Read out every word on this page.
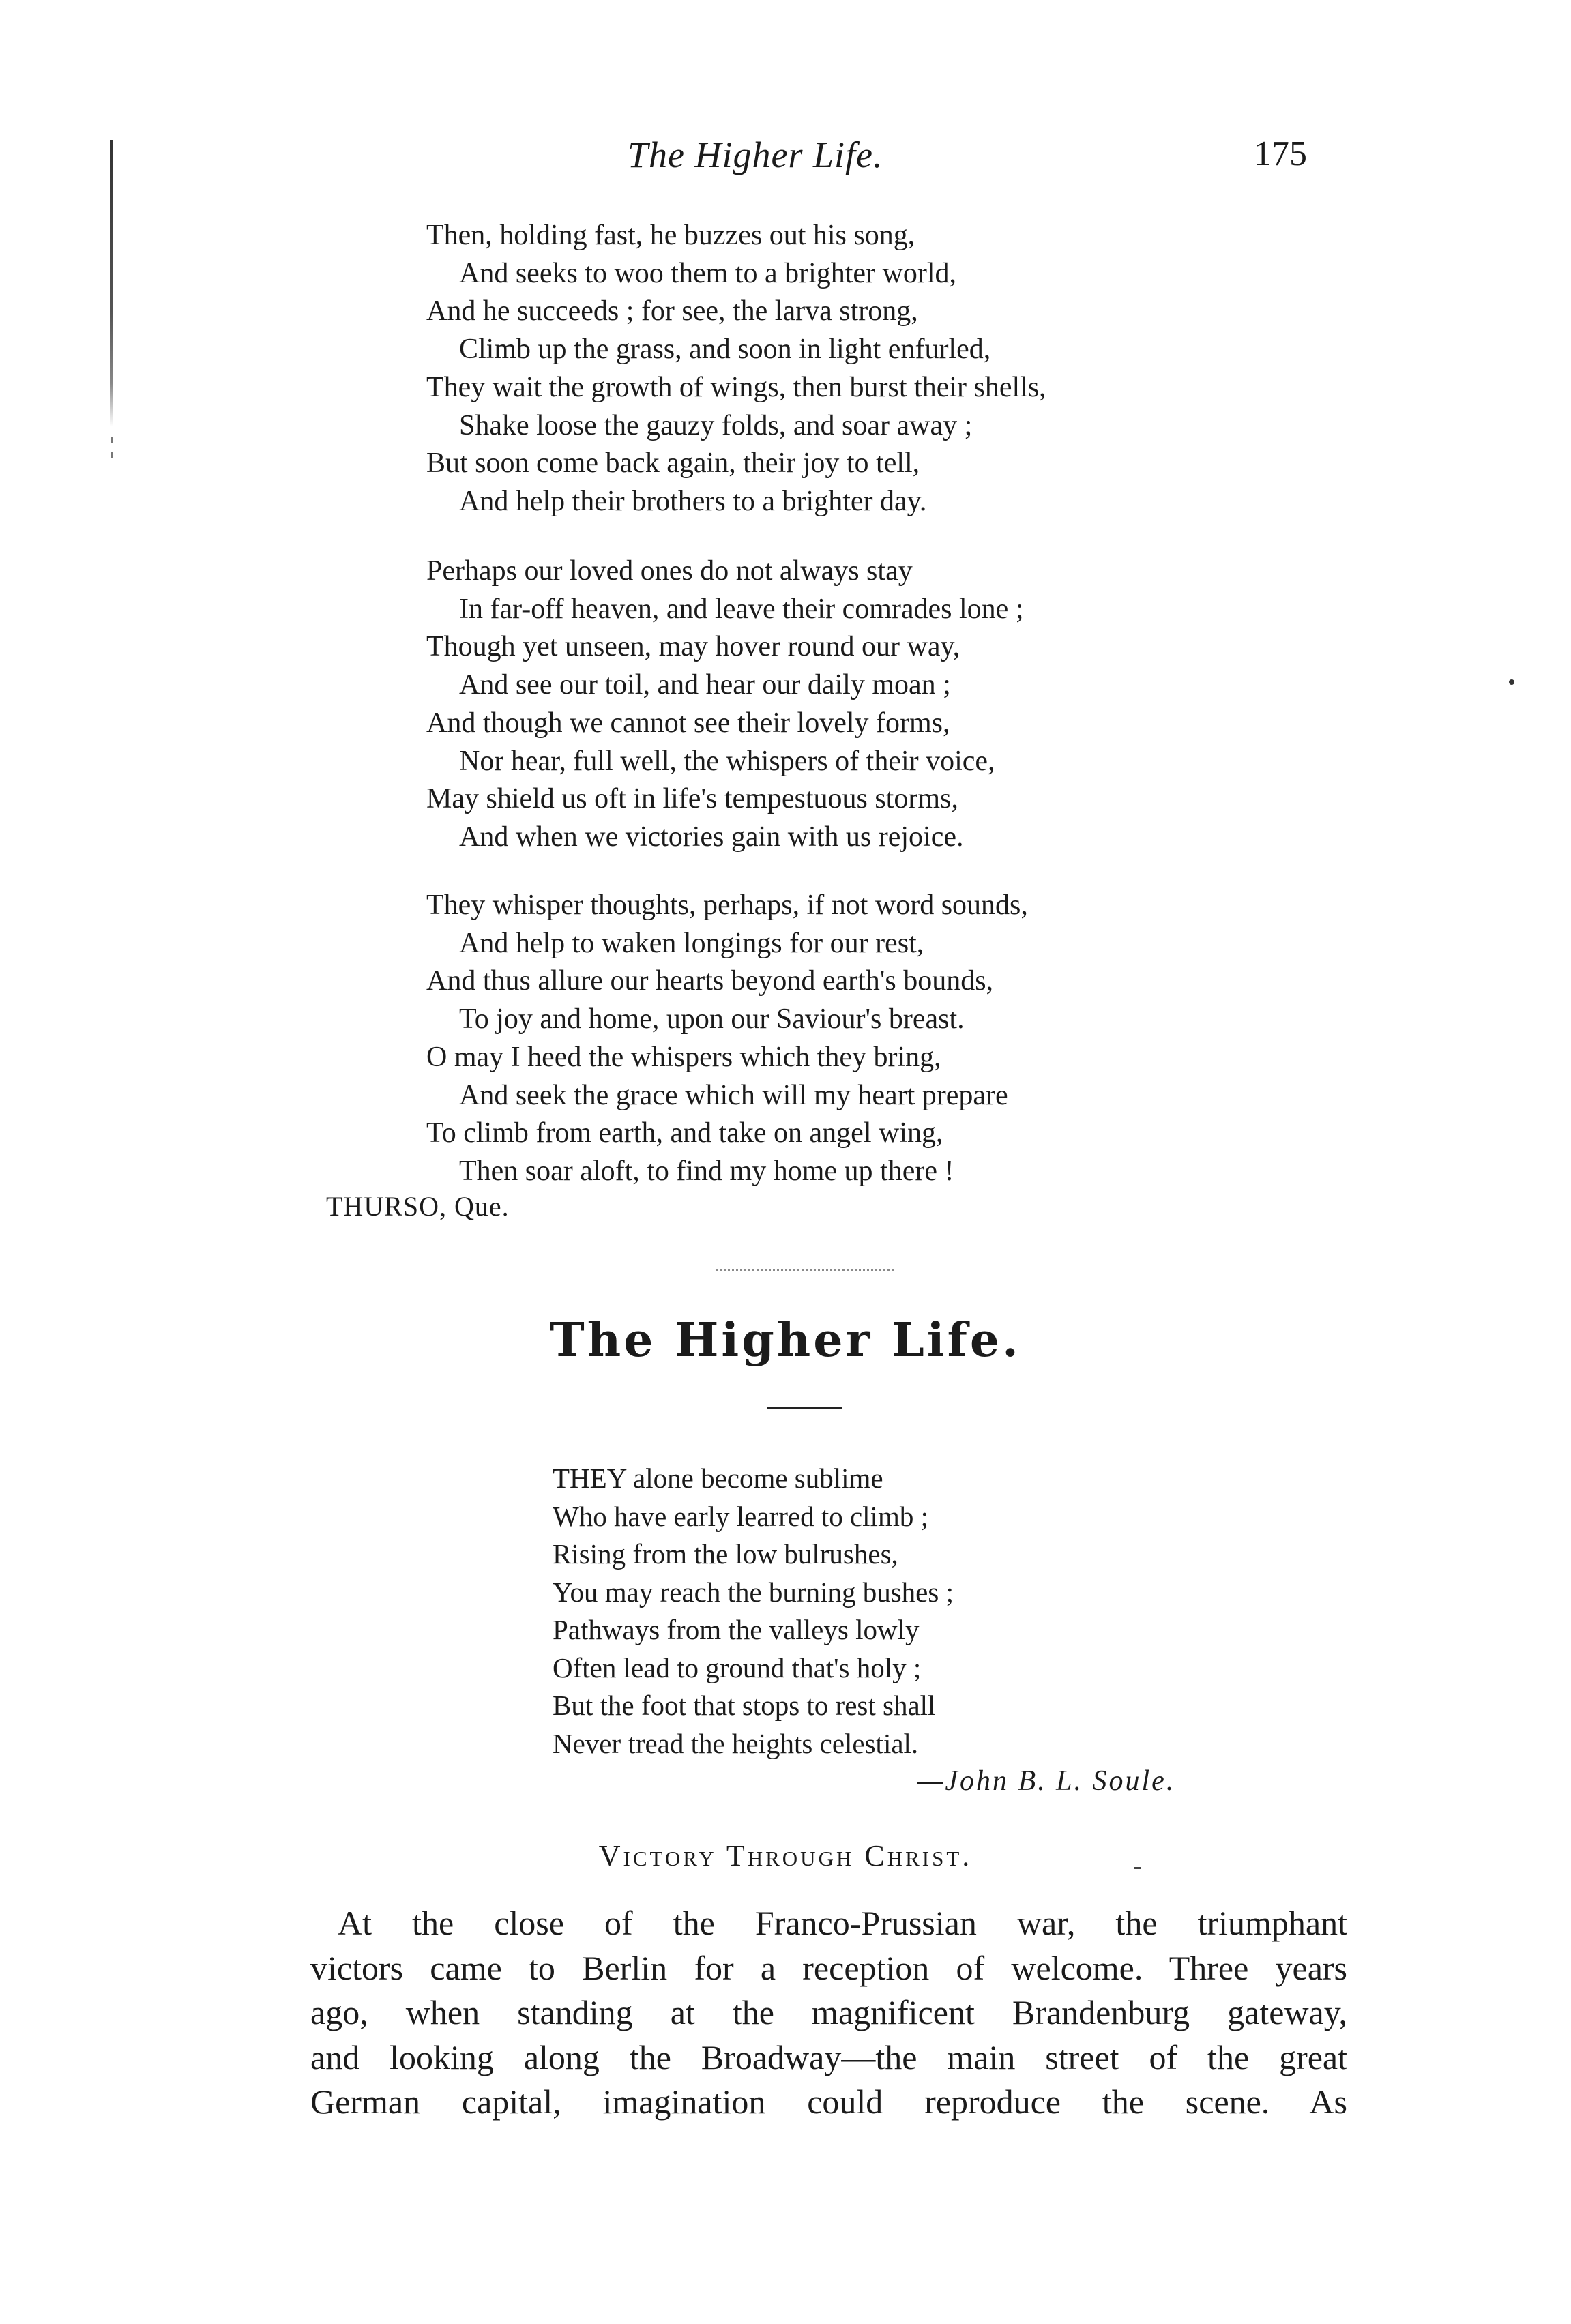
The Higher Life.	175
Then, holding fast, he buzzes out his song,
And seeks to woo them to a brighter world,
And he succeeds ; for see, the larva strong,
Climb up the grass, and soon in light enfurled,
They wait the growth of wings, then burst their shells,
Shake loose the gauzy folds, and soar away ;
But soon come back again, their joy to tell,
And help their brothers to a brighter day.
Perhaps our loved ones do not always stay
In far-off heaven, and leave their comrades lone ;
Though yet unseen, may hover round our way,
And see our toil, and hear our daily moan ;
And though we cannot see their lovely forms,
Nor hear, full well, the whispers of their voice,
May shield us oft in life's tempestuous storms,
And when we victories gain with us rejoice.
They whisper thoughts, perhaps, if not word sounds,
And help to waken longings for our rest,
And thus allure our hearts beyond earth's bounds,
To joy and home, upon our Saviour's breast.
O may I heed the whispers which they bring,
And seek the grace which will my heart prepare
To climb from earth, and take on angel wing,
Then soar aloft, to find my home up there !
THURSO, Que.
The Higher Life.
THEY alone become sublime
Who have early learred to climb ;
Rising from the low bulrushes,
You may reach the burning bushes ;
Pathways from the valleys lowly
Often lead to ground that's holy ;
But the foot that stops to rest shall
Never tread the heights celestial.
—John B. L. Soule.
Victory Through Christ.
At the close of the Franco-Prussian war, the triumphant
victors came to Berlin for a reception of welcome. Three years
ago, when standing at the magnificent Brandenburg gateway,
and looking along the Broadway—the main street of the great
German capital, imagination could reproduce the scene. As
